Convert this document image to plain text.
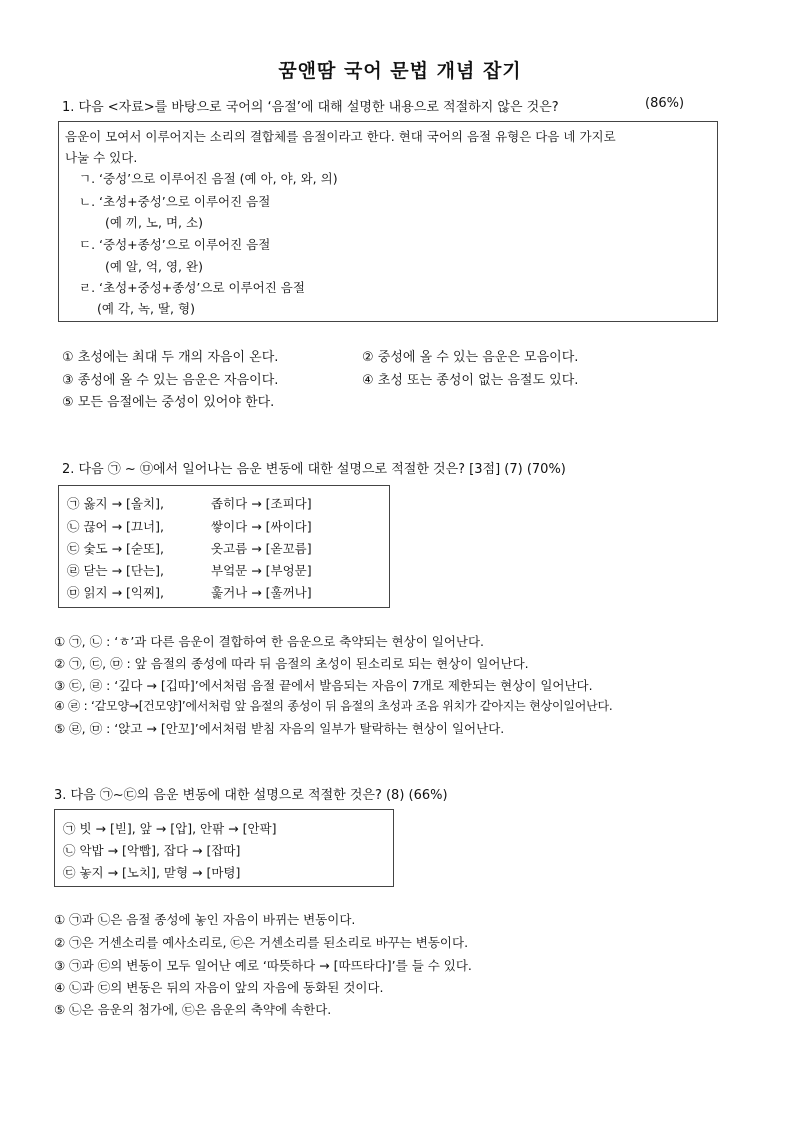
꿈앤땀 국어 문법 개념 잡기
1. 다음 <자료>를 바탕으로 국어의 ‘음절’에 대해 설명한 내용으로 적절하지 않은 것은?	(86%)
음운이 모여서 이루어지는 소리의 결합체를 음절이라고 한다. 현대 국어의 음절 유형은 다음 네 가지로
나눌 수 있다.
ㄱ. ‘중성’으로 이루어진 음절 (예 아, 야, 와, 의)
ㄴ. ‘초성+중성’으로 이루어진 음절
(예 끼, 노, 며, 소)
ㄷ. ‘중성+종성’으로 이루어진 음절
(예 알, 억, 영, 완)
ㄹ. ‘초성+중성+종성’으로 이루어진 음절
(예 각, 녹, 딸, 형)
① 초성에는 최대 두 개의 자음이 온다.	② 중성에 올 수 있는 음운은 모음이다.
③ 종성에 올 수 있는 음운은 자음이다.	④ 초성 또는 종성이 없는 음절도 있다.
⑤ 모든 음절에는 중성이 있어야 한다.
2. 다음 ㉠ ~ ㉤에서 일어나는 음운 변동에 대한 설명으로 적절한 것은? [3점] (7) (70%)
㉠ 옳지 → [올치],	좁히다 → [조피다]
㉡ 끊어 → [끄너],	쌓이다 → [싸이다]
㉢ 숯도 → [숟또],	옷고름 → [옫꼬름]
㉣ 닫는 → [단는],	부엌문 → [부엉문]
㉤ 읽지 → [익찌],	훑거나 → [훌꺼나]
① ㉠, ㉡ : ‘ㅎ’과 다른 음운이 결합하여 한 음운으로 축약되는 현상이 일어난다.
② ㉠, ㉢, ㉤ : 앞 음절의 종성에 따라 뒤 음절의 초성이 된소리로 되는 현상이 일어난다.
③ ㉢, ㉣ : ‘깊다 → [깁따]’에서처럼 음절 끝에서 발음되는 자음이 7개로 제한되는 현상이 일어난다.
④ ㉣ : ‘같모양→[건모양]’에서처럼 앞 음절의 종성이 뒤 음절의 초성과 조음 위치가 같아지는 현상이일어난다.
⑤ ㉣, ㉤ : ‘앉고 → [안꼬]’에서처럼 받침 자음의 일부가 탈락하는 현상이 일어난다.
3. 다음 ㉠~㉢의 음운 변동에 대한 설명으로 적절한 것은? (8) (66%)
㉠ 빗 → [빋], 앞 → [압], 안팎 → [안팍]
㉡ 악밥 → [악빱], 잡다 → [잡따]
㉢ 놓지 → [노치], 맏형 → [마텽]
① ㉠과 ㉡은 음절 종성에 놓인 자음이 바뀌는 변동이다.
② ㉠은 거센소리를 예사소리로, ㉢은 거센소리를 된소리로 바꾸는 변동이다.
③ ㉠과 ㉢의 변동이 모두 일어난 예로 ‘따뜻하다 → [따뜨타다]’를 들 수 있다.
④ ㉡과 ㉢의 변동은 뒤의 자음이 앞의 자음에 동화된 것이다.
⑤ ㉡은 음운의 첨가에, ㉢은 음운의 축약에 속한다.
